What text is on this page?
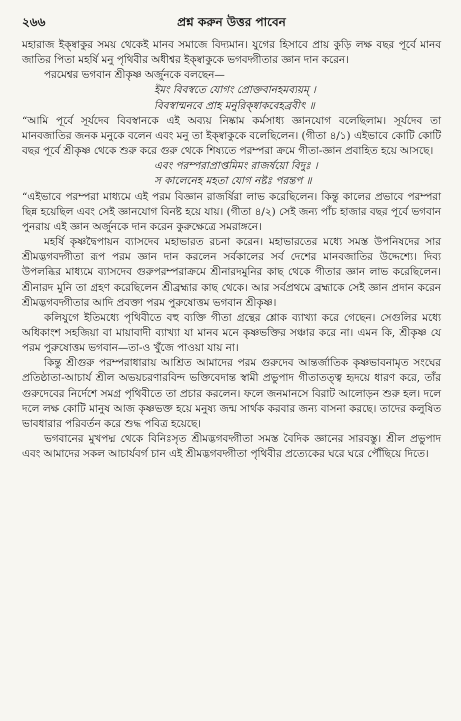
২৬৬	প্রশ্ন করুন উত্তর পাবেন

মহারাজ ইক্ষ্বাকুর সময় থেকেই মানব সমাজে বিদ্যমান। যুগের হিসাবে প্রায় কুড়ি লক্ষ বছর পূর্বে মানব জাতির পিতা মহর্ষি মনু পৃথিবীর অধীশ্বর ইক্ষ্বাকুকে ভগবদ্গীতার জ্ঞান দান করেন।

পরমেশ্বর ভগবান শ্রীকৃষ্ণ অর্জুনকে বলছেন—

ইমং বিবস্বতে যোগং প্রোক্তবানহমব্যয়ম্ ।

বিবস্বান্মনবে প্রাহ মনুরিক্ষ্বাকবেহব্রবীৎ ॥

“আমি পূর্বে সূর্যদেব বিবস্বানকে এই অব্যয় নিষ্কাম কর্মসাধ্য জ্ঞানযোগ বলেছিলাম। সূর্যদেব তা মানবজাতির জনক মনুকে বলেন এবং মনু তা ইক্ষ্বাকুকে বলেছিলেন। (গীতা ৪/১) এইভাবে কোটি কোটি বছর পূর্বে শ্রীকৃষ্ণ থেকে শুরু করে গুরু থেকে শিষ্যতে পরম্পরা ক্রমে গীতা-জ্ঞান প্রবাহিত হয়ে আসছে।

এবং পরম্পরাপ্রাপ্তমিমং রাজর্ষয়ো বিদুঃ ।

স কালেনেহ মহতা যোগ নষ্টঃ পরন্তপ ॥

“এইভাবে পরম্পরা মাধ্যমে এই পরম বিজ্ঞান রাজর্ষিরা লাভ করেছিলেন। কিন্তু কালের প্রভাবে পরম্পরা ছিন্ন হয়েছিল এবং সেই জ্ঞানযোগ বিনষ্ট হয়ে যায়। (গীতা ৪/২) সেই জন্য পাঁচ হাজার বছর পূর্বে ভগবান পুনরায় এই জ্ঞান অর্জুনকে দান করেন কুরুক্ষেত্রে সমরাঙ্গনে।

মহর্ষি কৃষ্ণদ্বৈপায়ন ব্যাসদেব মহাভারত রচনা করেন। মহাভারতের মধ্যে সমস্ত উপনিষদের সার শ্রীমদ্ভগবদ্গীতা রূপ পরম জ্ঞান দান করলেন সর্বকালের সর্ব দেশের মানবজাতির উদ্দেশ্যে। দিব্য উপলব্ধির মাধ্যমে ব্যাসদেব গুরুপরম্পরাক্রমে শ্রীনারদমুনির কাছ থেকে গীতার জ্ঞান লাভ করেছিলেন। শ্রীনারদ মুনি তা গ্রহণ করেছিলেন শ্রীব্রহ্মার কাছ থেকে। আর সর্বপ্রথমে ব্রহ্মাকে সেই জ্ঞান প্রদান করেন শ্রীমদ্ভগবদ্গীতার আদি প্রবক্তা পরম পুরুষোত্তম ভগবান শ্রীকৃষ্ণ।

কলিযুগে ইতিমধ্যে পৃথিবীতে বহু ব্যক্তি গীতা গ্রন্থের শ্লোক ব্যাখ্যা করে গেছেন। সেগুলির মধ্যে অধিকাংশ সহজিয়া বা মায়াবাদী ব্যাখ্যা যা মানব মনে কৃষ্ণভক্তির সঞ্চার করে না। এমন কি, শ্রীকৃষ্ণ যে পরম পুরুষোত্তম ভগবান—তা-ও খুঁজে পাওয়া যায় না।

কিন্তু শ্রীগুরু পরম্পরাধারায় আশ্রিত আমাদের পরম গুরুদেব আন্তর্জাতিক কৃষ্ণভাবনামৃত সংঘের প্রতিষ্ঠাতা-আচার্য শ্রীল অভয়চরণারবিন্দ ভক্তিবেদান্ত স্বামী প্রভুপাদ গীতাতত্ত্ব হৃদয়ে ধারণ করে, তাঁর গুরুদেবের নির্দেশে সমগ্র পৃথিবীতে তা প্রচার করলেন। ফলে জনমানসে বিরাট আলোড়ন শুরু হল। দলে দলে লক্ষ কোটি মানুষ আজ কৃষ্ণভক্ত হয়ে মনুষ্য জন্ম সার্থক করবার জন্য বাসনা করছে। তাদের কলুষিত ভাবধারার পরিবর্তন করে শুদ্ধ পবিত্র হয়েছে।

ভগবানের মুখপদ্ম থেকে বিনিঃসৃত শ্রীমদ্ভগবদ্গীতা সমস্ত বৈদিক জ্ঞানের সারবস্তু। শ্রীল প্রভুপাদ এবং আমাদের সকল আচার্যবর্গ চান এই শ্রীমদ্ভগবদ্গীতা পৃথিবীর প্রত্যেকের ঘরে ঘরে পৌঁছিয়ে দিতে।
